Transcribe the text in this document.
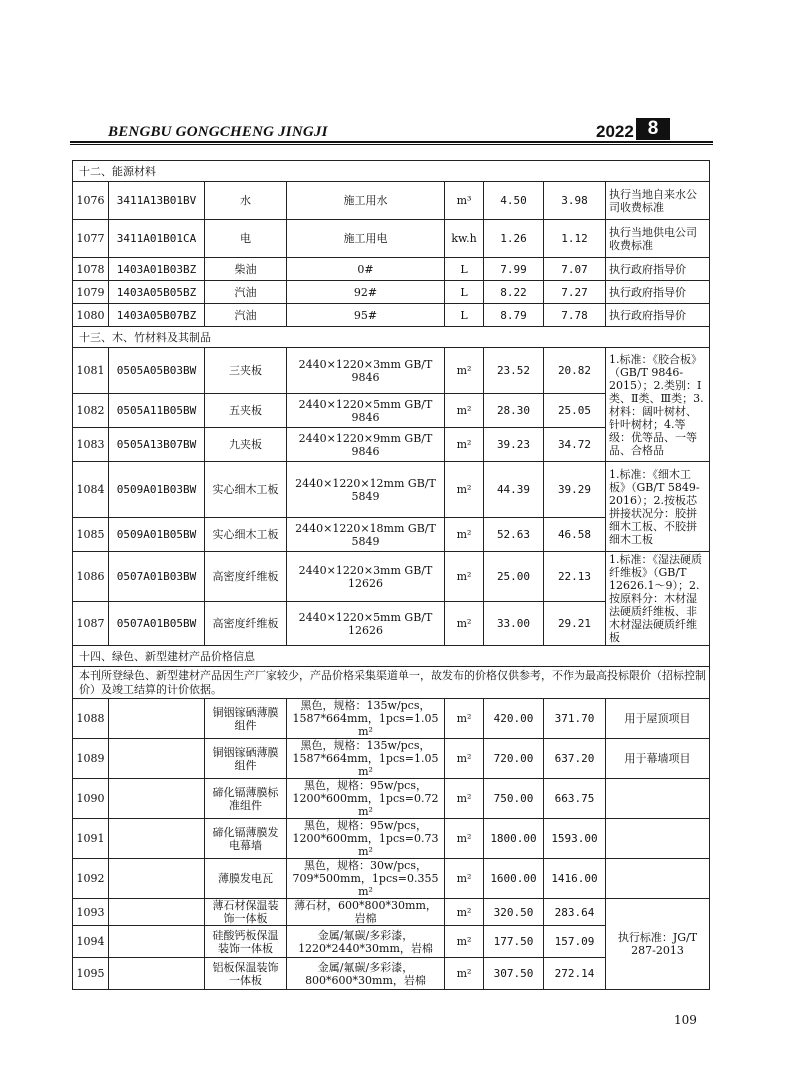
BENGBU GONGCHENG JINGJI	2022 8
十二、能源材料							
1076	3411A13B01BV	水	施工用水	m³	4.50	3.98	执行当地自来水公司收费标准
1077	3411A01B01CA	电	施工用电	kw.h	1.26	1.12	执行当地供电公司收费标准
1078	1403A01B03BZ	柴油	0#	L	7.99	7.07	执行政府指导价
1079	1403A05B05BZ	汽油	92#	L	8.22	7.27	执行政府指导价
1080	1403A05B07BZ	汽油	95#	L	8.79	7.78	执行政府指导价
十三、木、竹材料及其制品							
1081	0505A05B03BW	三夹板	2440×1220×3mm GB/T 9846	m²	23.52	20.82	1.标准：《胶合板》（GB/T 9846-2015）；2.类别：Ⅰ类、Ⅱ类、Ⅲ类；3.材料：阔叶树材、针叶树材；4.等级：优等品、一等品、合格品
1082	0505A11B05BW	五夹板	2440×1220×5mm GB/T 9846	m²	28.30	25.05	
1083	0505A13B07BW	九夹板	2440×1220×9mm GB/T 9846	m²	39.23	34.72	
1084	0509A01B03BW	实心细木工板	2440×1220×12mm GB/T 5849	m²	44.39	39.29	1.标准：《细木工板》（GB/T 5849-2016）；2.按板芯拼接状况分：胶拼细木工板、不胶拼细木工板
1085	0509A01B05BW	实心细木工板	2440×1220×18mm GB/T 5849	m²	52.63	46.58	
1086	0507A01B03BW	高密度纤维板	2440×1220×3mm GB/T 12626	m²	25.00	22.13	1.标准：《湿法硬质纤维板》（GB/T 12626.1～9）；2.按原料分：木材湿法硬质纤维板、非木材湿法硬质纤维板
1087	0507A01B05BW	高密度纤维板	2440×1220×5mm GB/T 12626	m²	33.00	29.21	
十四、绿色、新型建材产品价格信息							
本刊所登绿色、新型建材产品因生产厂家较少，产品价格采集渠道单一，故发布的价格仅供参考，不作为最高投标限价（招标控制价）及竣工结算的计价依据。							
1088		铜铟镓硒薄膜组件	黑色，规格：135w/pcs，1587*664mm，1pcs=1.05 m²	m²	420.00	371.70	用于屋顶项目
1089		铜铟镓硒薄膜组件	黑色，规格：135w/pcs，1587*664mm，1pcs=1.05 m²	m²	720.00	637.20	用于幕墙项目
1090		碲化镉薄膜标准组件	黑色，规格：95w/pcs，1200*600mm，1pcs=0.72 m²	m²	750.00	663.75	
1091		碲化镉薄膜发电幕墙	黑色，规格：95w/pcs，1200*600mm，1pcs=0.73 m²	m²	1800.00	1593.00	
1092		薄膜发电瓦	黑色，规格：30w/pcs，709*500mm，1pcs=0.355 m²	m²	1600.00	1416.00	
1093		薄石材保温装饰一体板	薄石材，600*800*30mm，岩棉	m²	320.50	283.64	执行标准：JG/T 287-2013
1094		硅酸钙板保温装饰一体板	金属/氟碳/多彩漆，1220*2440*30mm，岩棉	m²	177.50	157.09	
1095		铝板保温装饰一体板	金属/氟碳/多彩漆，800*600*30mm，岩棉	m²	307.50	272.14	
109
